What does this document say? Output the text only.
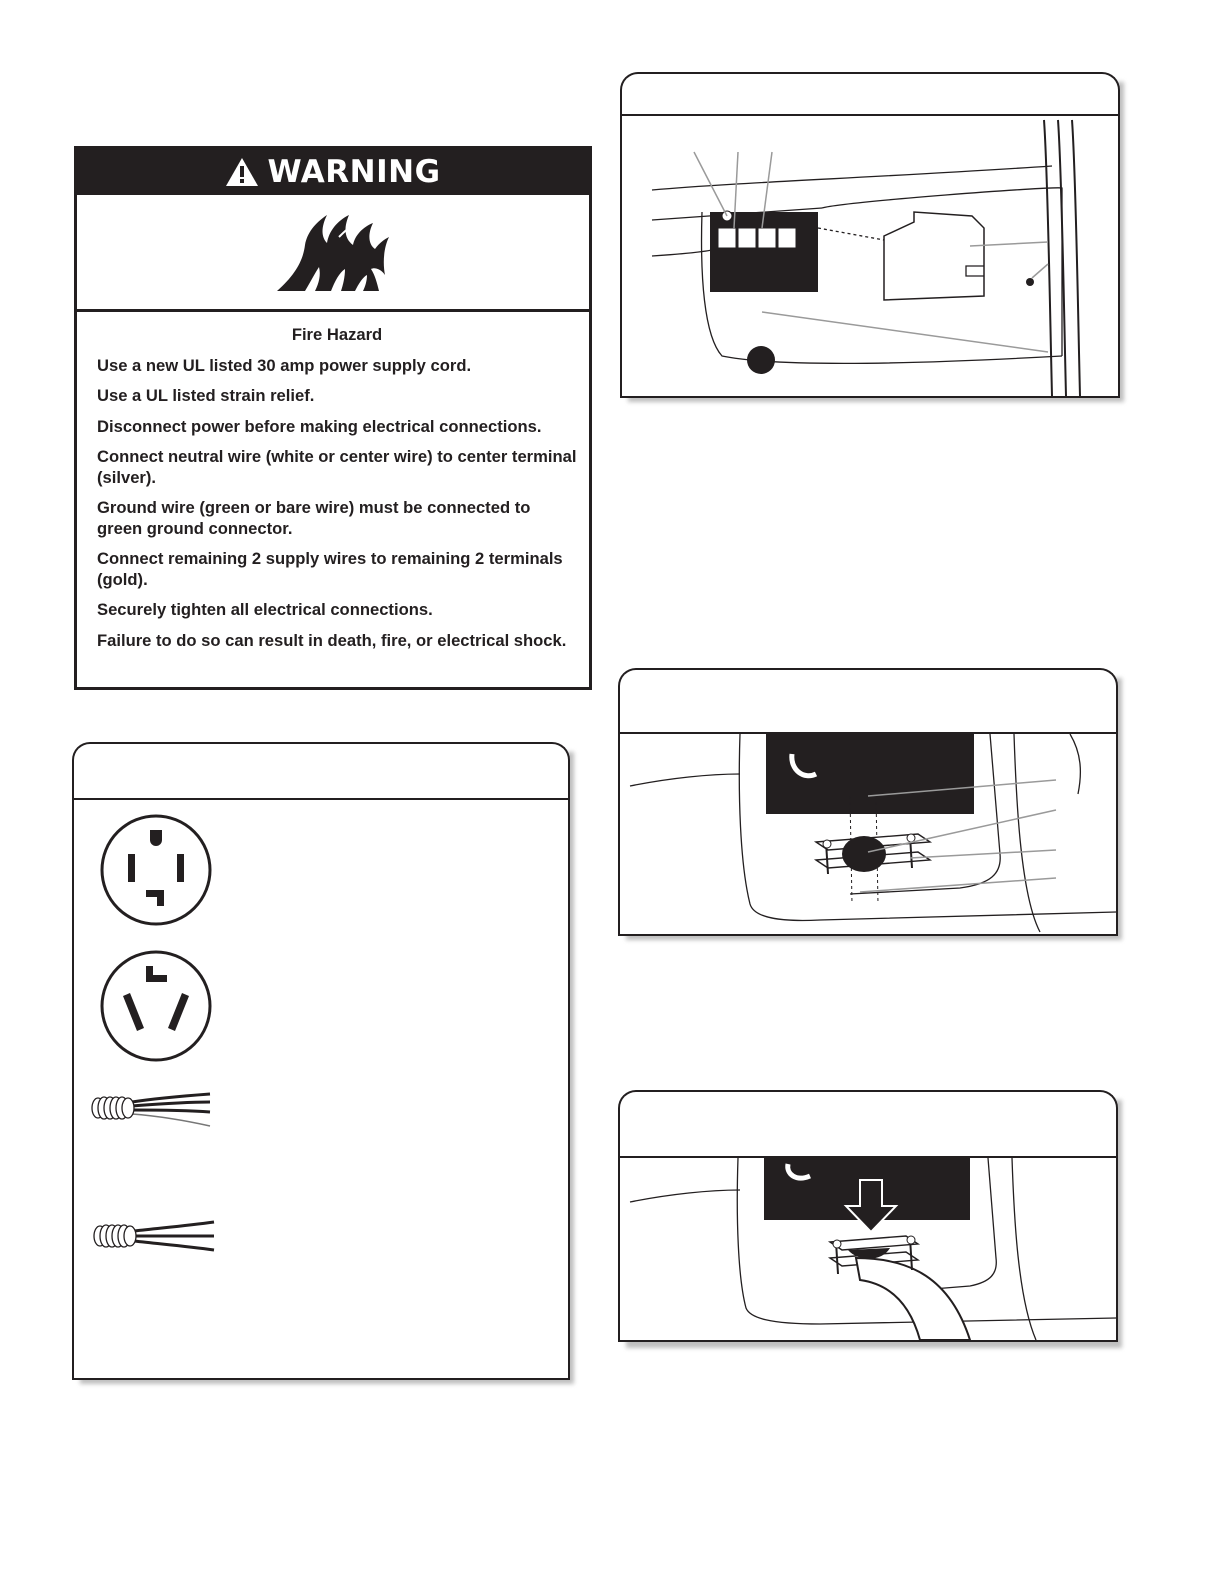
WARNING
Fire Hazard
Use a new UL listed 30 amp power supply cord.
Use a UL listed strain relief.
Disconnect power before making electrical connections.
Connect neutral wire (white or center wire) to center terminal (silver).
Ground wire (green or bare wire) must be connected to green ground connector.
Connect remaining 2 supply wires to remaining 2 terminals (gold).
Securely tighten all electrical connections.
Failure to do so can result in death, fire, or electrical shock.
